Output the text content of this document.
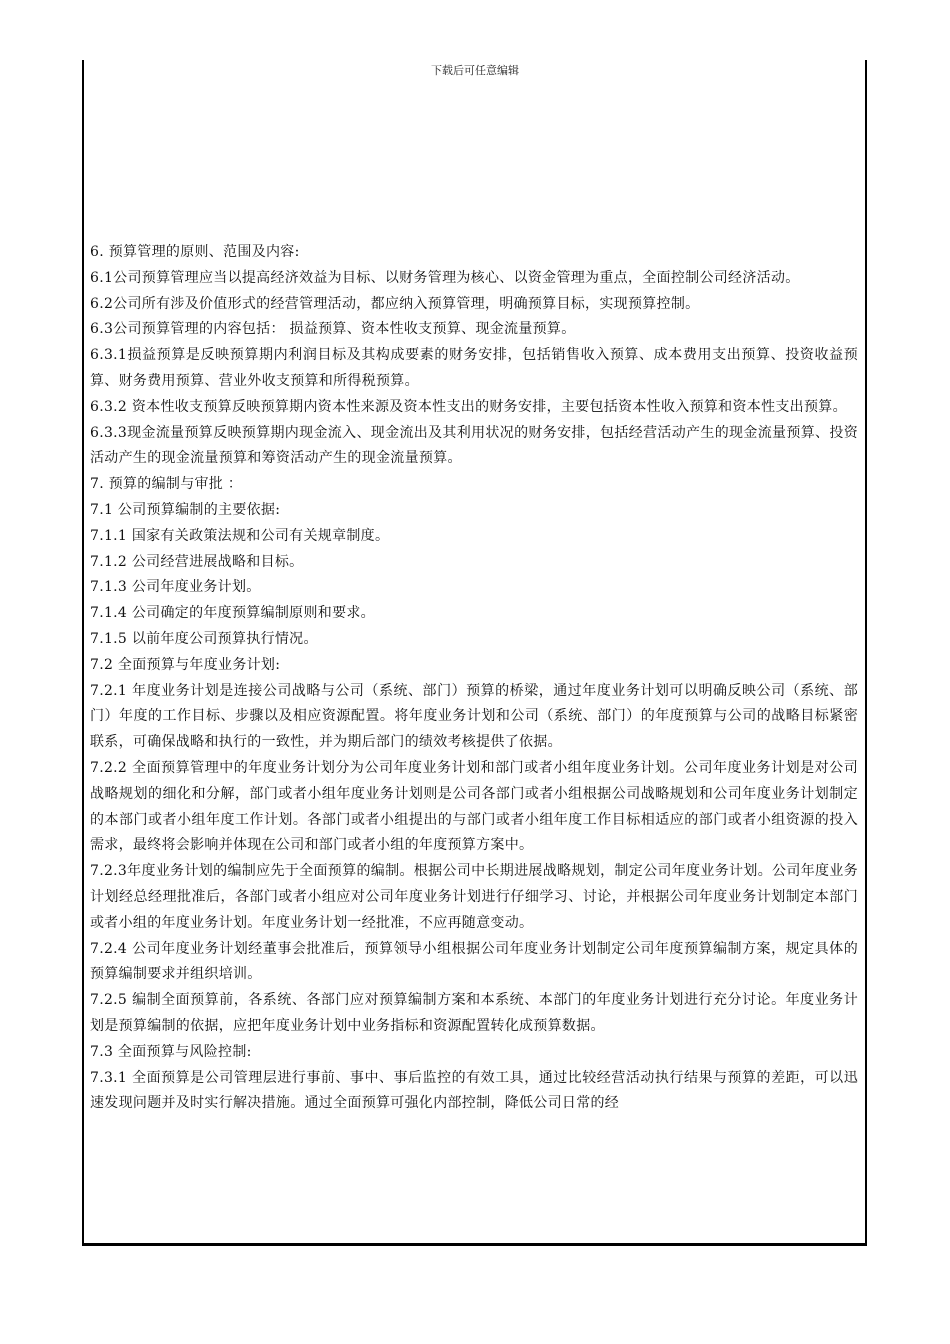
下载后可任意编辑

6. 预算管理的原则、范围及内容:

6.1公司预算管理应当以提高经济效益为目标、以财务管理为核心、以资金管理为重点，全面控制公司经济活动。

6.2公司所有涉及价值形式的经营管理活动，都应纳入预算管理，明确预算目标，实现预算控制。

6.3公司预算管理的内容包括： 损益预算、资本性收支预算、现金流量预算。

6.3.1损益预算是反映预算期内利润目标及其构成要素的财务安排，包括销售收入预算、成本费用支出预算、投资收益预算、财务费用预算、营业外收支预算和所得税预算。

6.3.2 资本性收支预算反映预算期内资本性来源及资本性支出的财务安排，主要包括资本性收入预算和资本性支出预算。

6.3.3现金流量预算反映预算期内现金流入、现金流出及其利用状况的财务安排，包括经营活动产生的现金流量预算、投资活动产生的现金流量预算和筹资活动产生的现金流量预算。

7. 预算的编制与审批 ：

7.1 公司预算编制的主要依据:

7.1.1 国家有关政策法规和公司有关规章制度。

7.1.2 公司经营进展战略和目标。

7.1.3 公司年度业务计划。

7.1.4 公司确定的年度预算编制原则和要求。

7.1.5 以前年度公司预算执行情况。

7.2 全面预算与年度业务计划:

7.2.1 年度业务计划是连接公司战略与公司（系统、部门）预算的桥梁，通过年度业务计划可以明确反映公司（系统、部门）年度的工作目标、步骤以及相应资源配置。将年度业务计划和公司（系统、部门）的年度预算与公司的战略目标紧密联系，可确保战略和执行的一致性，并为期后部门的绩效考核提供了依据。

7.2.2 全面预算管理中的年度业务计划分为公司年度业务计划和部门或者小组年度业务计划。公司年度业务计划是对公司战略规划的细化和分解，部门或者小组年度业务计划则是公司各部门或者小组根据公司战略规划和公司年度业务计划制定的本部门或者小组年度工作计划。各部门或者小组提出的与部门或者小组年度工作目标相适应的部门或者小组资源的投入需求，最终将会影响并体现在公司和部门或者小组的年度预算方案中。

7.2.3年度业务计划的编制应先于全面预算的编制。根据公司中长期进展战略规划，制定公司年度业务计划。公司年度业务计划经总经理批准后，各部门或者小组应对公司年度业务计划进行仔细学习、讨论，并根据公司年度业务计划制定本部门或者小组的年度业务计划。年度业务计划一经批准，不应再随意变动。

7.2.4 公司年度业务计划经董事会批准后，预算领导小组根据公司年度业务计划制定公司年度预算编制方案，规定具体的预算编制要求并组织培训。

7.2.5 编制全面预算前，各系统、各部门应对预算编制方案和本系统、本部门的年度业务计划进行充分讨论。年度业务计划是预算编制的依据，应把年度业务计划中业务指标和资源配置转化成预算数据。

7.3 全面预算与风险控制:

7.3.1 全面预算是公司管理层进行事前、事中、事后监控的有效工具，通过比较经营活动执行结果与预算的差距，可以迅速发现问题并及时实行解决措施。通过全面预算可强化内部控制，降低公司日常的经
